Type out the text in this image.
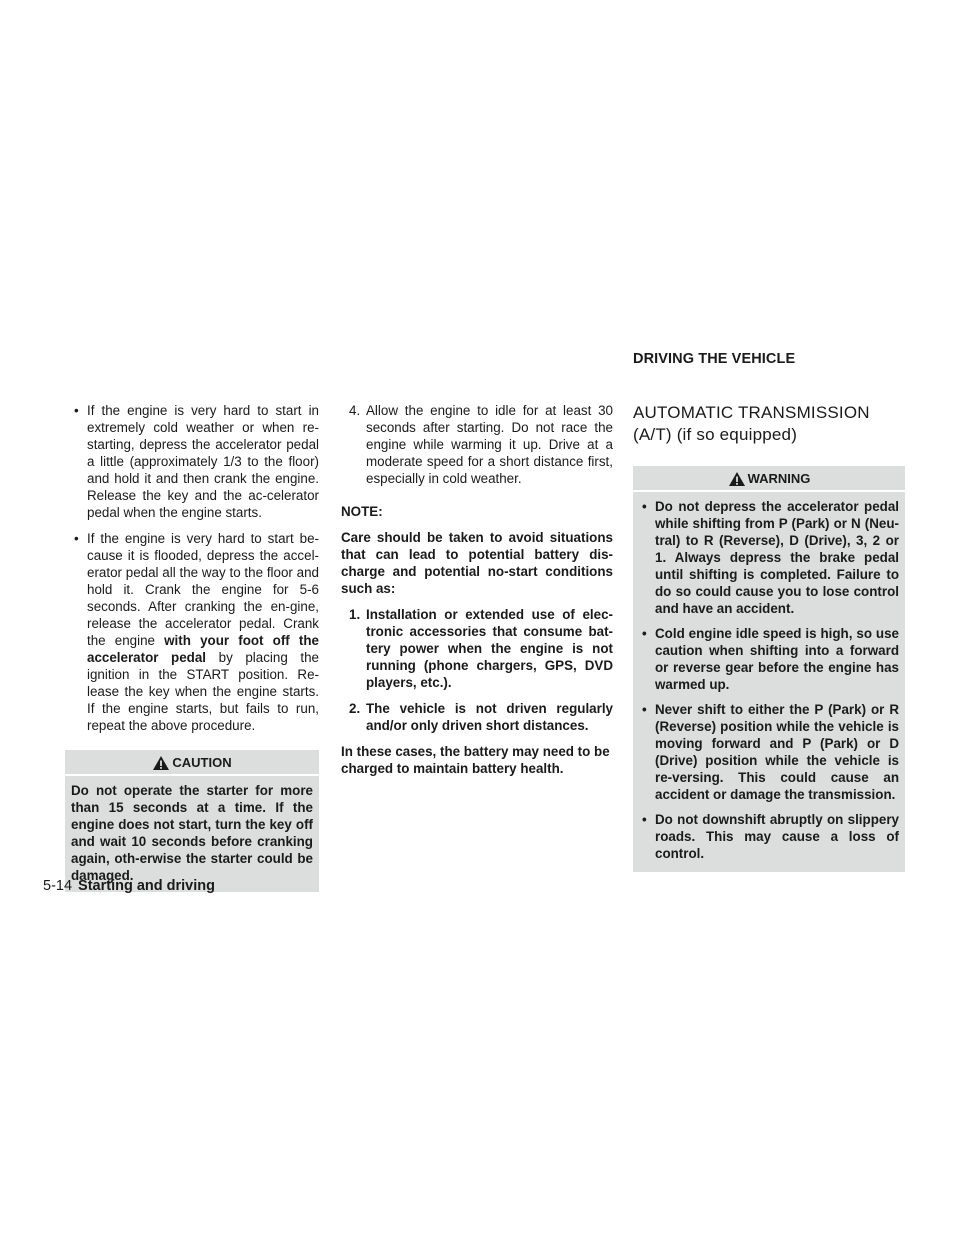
DRIVING THE VEHICLE
• If the engine is very hard to start in extremely cold weather or when re-starting, depress the accelerator pedal a little (approximately 1/3 to the floor) and hold it and then crank the engine. Release the key and the ac-celerator pedal when the engine starts.
• If the engine is very hard to start be-cause it is flooded, depress the accel-erator pedal all the way to the floor and hold it. Crank the engine for 5-6 seconds. After cranking the en-gine, release the accelerator pedal. Crank the engine with your foot off the accelerator pedal by placing the ignition in the START position. Re-lease the key when the engine starts. If the engine starts, but fails to run, repeat the above procedure.
CAUTION
Do not operate the starter for more than 15 seconds at a time. If the engine does not start, turn the key off and wait 10 seconds before cranking again, oth-erwise the starter could be damaged.
4. Allow the engine to idle for at least 30 seconds after starting. Do not race the engine while warming it up. Drive at a moderate speed for a short distance first, especially in cold weather.
NOTE:
Care should be taken to avoid situations that can lead to potential battery dis-charge and potential no-start conditions such as:
1. Installation or extended use of elec-tronic accessories that consume bat-tery power when the engine is not running (phone chargers, GPS, DVD players, etc.).
2. The vehicle is not driven regularly and/or only driven short distances.
In these cases, the battery may need to be charged to maintain battery health.
AUTOMATIC TRANSMISSION (A/T) (if so equipped)
WARNING
• Do not depress the accelerator pedal while shifting from P (Park) or N (Neu-tral) to R (Reverse), D (Drive), 3, 2 or 1. Always depress the brake pedal until shifting is completed. Failure to do so could cause you to lose control and have an accident.
• Cold engine idle speed is high, so use caution when shifting into a forward or reverse gear before the engine has warmed up.
• Never shift to either the P (Park) or R (Reverse) position while the vehicle is moving forward and P (Park) or D (Drive) position while the vehicle is re-versing. This could cause an accident or damage the transmission.
• Do not downshift abruptly on slippery roads. This may cause a loss of control.
5-14 Starting and driving
